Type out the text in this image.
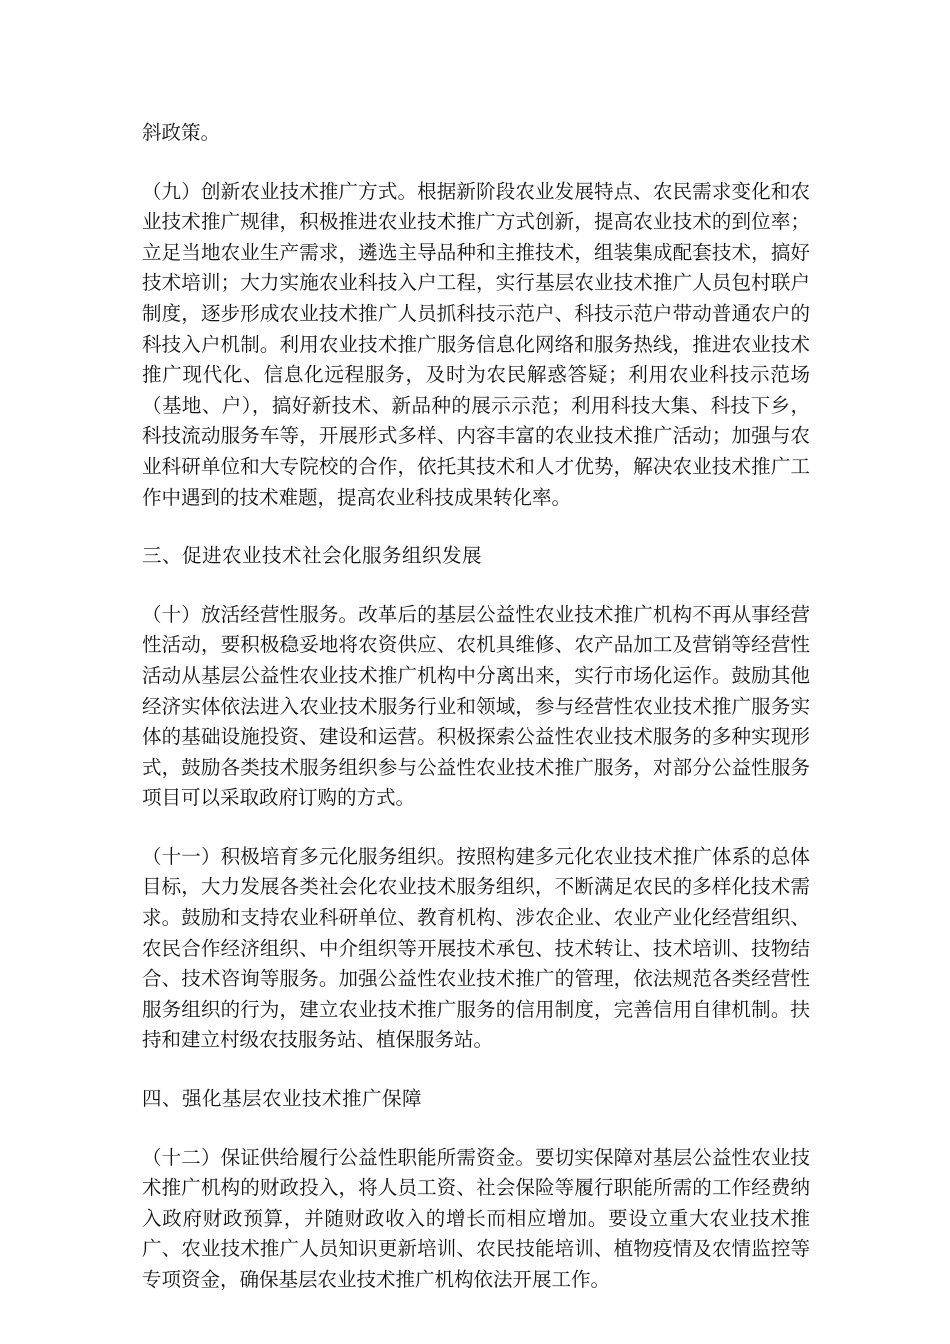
斜政策。

（九）创新农业技术推广方式。根据新阶段农业发展特点、农民需求变化和农业技术推广规律，积极推进农业技术推广方式创新，提高农业技术的到位率；立足当地农业生产需求，遴选主导品种和主推技术，组装集成配套技术，搞好技术培训；大力实施农业科技入户工程，实行基层农业技术推广人员包村联户制度，逐步形成农业技术推广人员抓科技示范户、科技示范户带动普通农户的科技入户机制。利用农业技术推广服务信息化网络和服务热线，推进农业技术推广现代化、信息化远程服务，及时为农民解惑答疑；利用农业科技示范场（基地、户），搞好新技术、新品种的展示示范；利用科技大集、科技下乡，科技流动服务车等，开展形式多样、内容丰富的农业技术推广活动；加强与农业科研单位和大专院校的合作，依托其技术和人才优势，解决农业技术推广工作中遇到的技术难题，提高农业科技成果转化率。

三、促进农业技术社会化服务组织发展

（十）放活经营性服务。改革后的基层公益性农业技术推广机构不再从事经营性活动，要积极稳妥地将农资供应、农机具维修、农产品加工及营销等经营性活动从基层公益性农业技术推广机构中分离出来，实行市场化运作。鼓励其他经济实体依法进入农业技术服务行业和领域，参与经营性农业技术推广服务实体的基础设施投资、建设和运营。积极探索公益性农业技术服务的多种实现形式，鼓励各类技术服务组织参与公益性农业技术推广服务，对部分公益性服务项目可以采取政府订购的方式。

（十一）积极培育多元化服务组织。按照构建多元化农业技术推广体系的总体目标，大力发展各类社会化农业技术服务组织，不断满足农民的多样化技术需求。鼓励和支持农业科研单位、教育机构、涉农企业、农业产业化经营组织、农民合作经济组织、中介组织等开展技术承包、技术转让、技术培训、技物结合、技术咨询等服务。加强公益性农业技术推广的管理，依法规范各类经营性服务组织的行为，建立农业技术推广服务的信用制度，完善信用自律机制。扶持和建立村级农技服务站、植保服务站。

四、强化基层农业技术推广保障

（十二）保证供给履行公益性职能所需资金。要切实保障对基层公益性农业技术推广机构的财政投入，将人员工资、社会保险等履行职能所需的工作经费纳入政府财政预算，并随财政收入的增长而相应增加。要设立重大农业技术推广、农业技术推广人员知识更新培训、农民技能培训、植物疫情及农情监控等专项资金，确保基层农业技术推广机构依法开展工作。
